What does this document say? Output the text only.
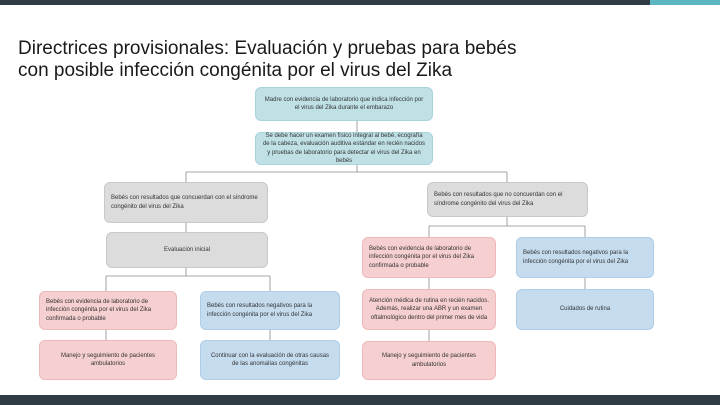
Directrices provisionales: Evaluación y pruebas para bebés
con posible infección congénita por el virus del Zika
Madre con evidencia de laboratorio que indica infección por el virus del Zika durante el embarazo
Se debe hacer un examen físico integral al bebé, ecografía de la cabeza, evaluación auditiva estándar en recién nacidos y pruebas de laboratorio para detectar el virus del Zika en bebés
Bebés con resultados que concuerdan con el síndrome congénito del virus del Zika
Evaluación inicial
Bebés con evidencia de laboratorio de infección congénita por el virus del Zika confirmada o probable
Bebés con resultados negativos para la infección congénita por el virus del Zika
Manejo y seguimiento de pacientes ambulatorios
Continuar con la evaluación de otras causas de las anomalías congénitas
Bebés con resultados que no concuerdan con el síndrome congénito del virus del Zika
Bebés con evidencia de laboratorio de infección congénita por el virus del Zika confirmada o probable
Bebés con resultados negativos para la infección congénita por el virus del Zika
Atención médica de rutina en recién nacidos. Además, realizar una ABR y un examen oftalmológico dentro del primer mes de vida
Cuidados de rutina
Manejo y seguimiento de pacientes ambulatorios
